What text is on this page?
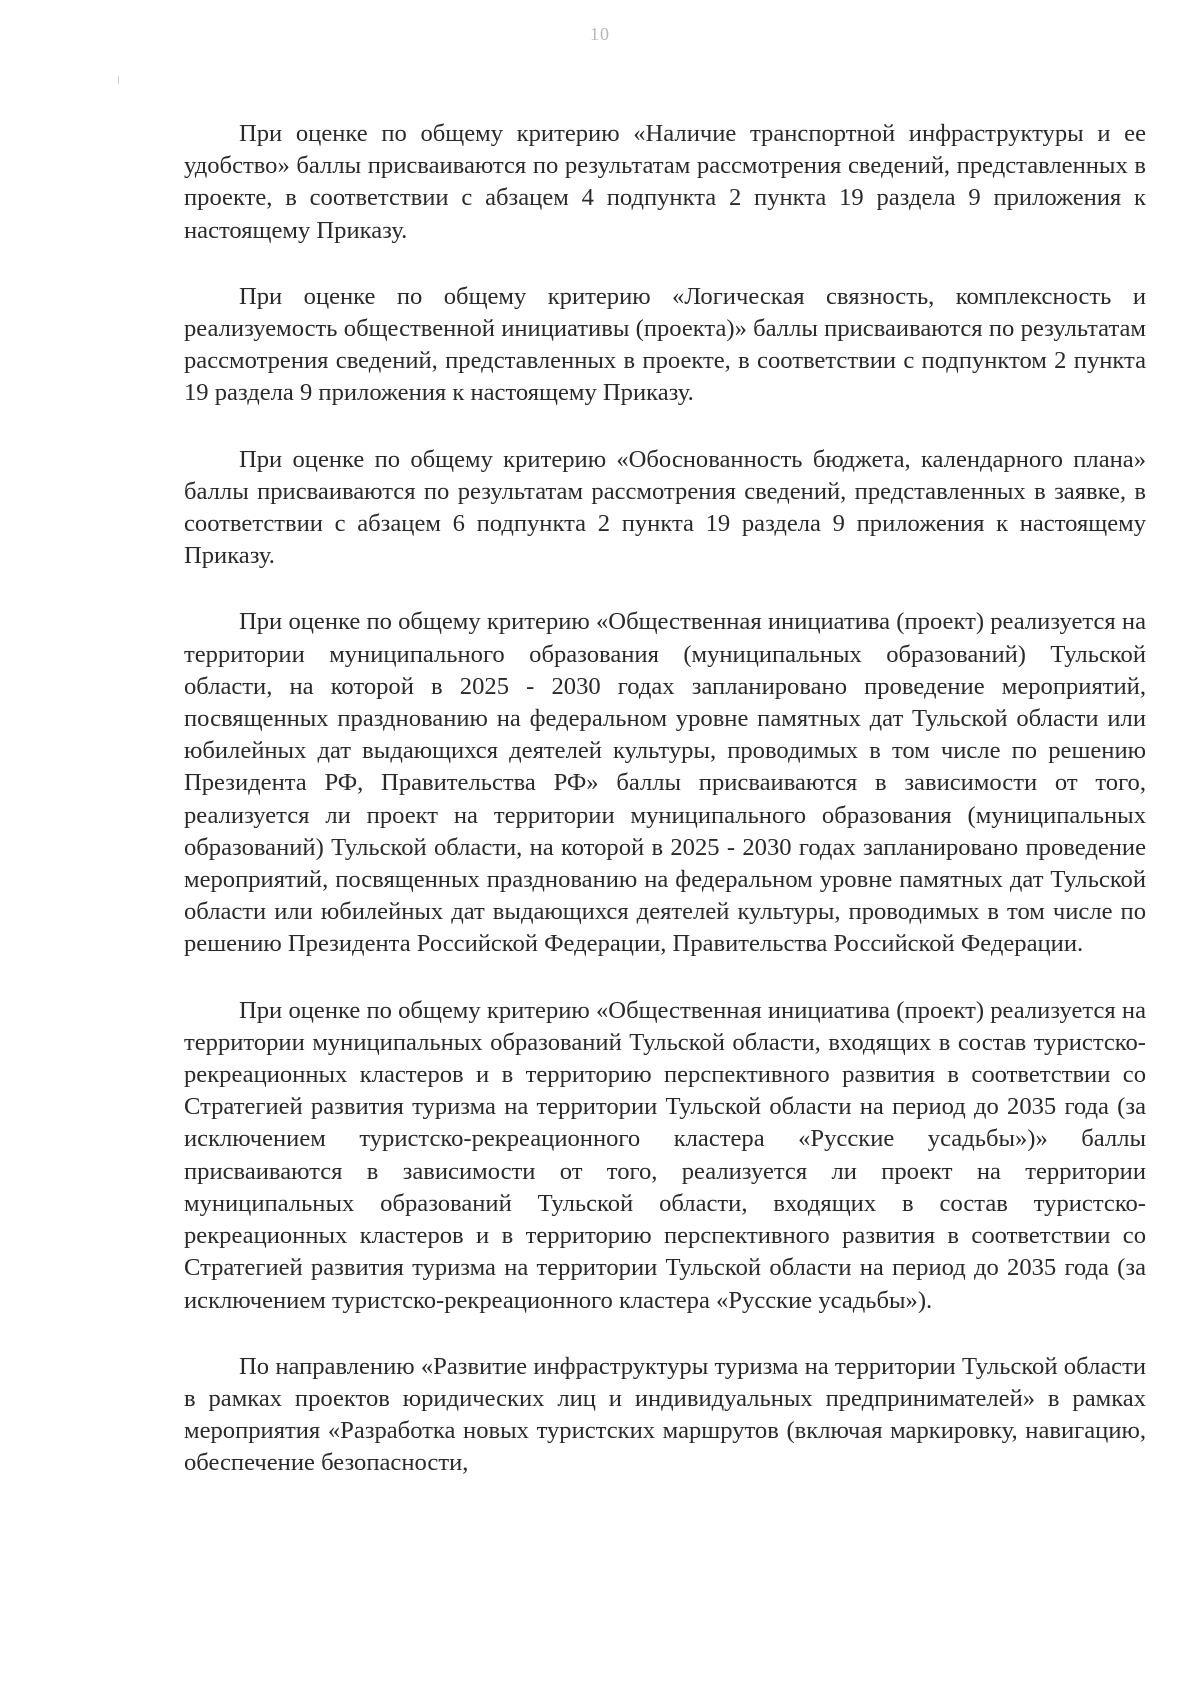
10

При оценке по общему критерию «Наличие транспортной инфраструктуры и ее удобство» баллы присваиваются по результатам рассмотрения сведений, представленных в проекте, в соответствии с абзацем 4 подпункта 2 пункта 19 раздела 9 приложения к настоящему Приказу.

При оценке по общему критерию «Логическая связность, комплексность и реализуемость общественной инициативы (проекта)» баллы присваиваются по результатам рассмотрения сведений, представленных в проекте, в соответствии с подпунктом 2 пункта 19 раздела 9 приложения к настоящему Приказу.

При оценке по общему критерию «Обоснованность бюджета, календарного плана» баллы присваиваются по результатам рассмотрения сведений, представленных в заявке, в соответствии с абзацем 6 подпункта 2 пункта 19 раздела 9 приложения к настоящему Приказу.

При оценке по общему критерию «Общественная инициатива (проект) реализуется на территории муниципального образования (муниципальных образований) Тульской области, на которой в 2025 - 2030 годах запланировано проведение мероприятий, посвященных празднованию на федеральном уровне памятных дат Тульской области или юбилейных дат выдающихся деятелей культуры, проводимых в том числе по решению Президента РФ, Правительства РФ» баллы присваиваются в зависимости от того, реализуется ли проект на территории муниципального образования (муниципальных образований) Тульской области, на которой в 2025 - 2030 годах запланировано проведение мероприятий, посвященных празднованию на федеральном уровне памятных дат Тульской области или юбилейных дат выдающихся деятелей культуры, проводимых в том числе по решению Президента Российской Федерации, Правительства Российской Федерации.

При оценке по общему критерию «Общественная инициатива (проект) реализуется на территории муниципальных образований Тульской области, входящих в состав туристско-рекреационных кластеров и в территорию перспективного развития в соответствии со Стратегией развития туризма на территории Тульской области на период до 2035 года (за исключением туристско-рекреационного кластера «Русские усадьбы»)» баллы присваиваются в зависимости от того, реализуется ли проект на территории муниципальных образований Тульской области, входящих в состав туристско-рекреационных кластеров и в территорию перспективного развития в соответствии со Стратегией развития туризма на территории Тульской области на период до 2035 года (за исключением туристско-рекреационного кластера «Русские усадьбы»).

По направлению «Развитие инфраструктуры туризма на территории Тульской области в рамках проектов юридических лиц и индивидуальных предпринимателей» в рамках мероприятия «Разработка новых туристских маршрутов (включая маркировку, навигацию, обеспечение безопасности,
